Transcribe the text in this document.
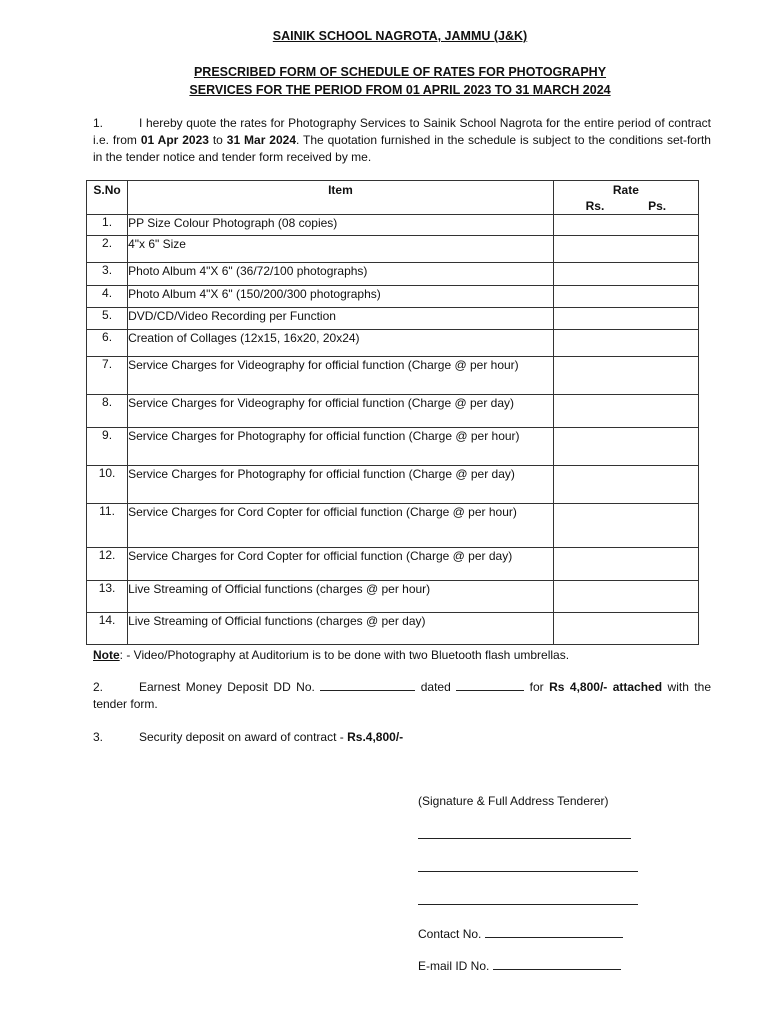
SAINIK SCHOOL NAGROTA, JAMMU (J&K)
PRESCRIBED FORM OF SCHEDULE OF RATES FOR PHOTOGRAPHY
SERVICES FOR THE PERIOD FROM 01 APRIL 2023 TO 31 MARCH 2024
1.	I hereby quote the rates for Photography Services to Sainik School Nagrota for the entire period of contract i.e. from 01 Apr 2023 to 31 Mar 2024. The quotation furnished in the schedule is subject to the conditions set-forth in the tender notice and tender form received by me.
S.No	Item	Rate
Rs. Ps.

1.	PP Size Colour Photograph (08 copies)	
2.	4"x 6" Size	
3.	Photo Album 4"X 6" (36/72/100 photographs)	
4.	Photo Album 4"X 6" (150/200/300 photographs)	
5.	DVD/CD/Video Recording per Function	
6.	Creation of Collages (12x15, 16x20, 20x24)	
7.	Service Charges for Videography for official function (Charge @ per hour)	
8.	Service Charges for Videography for official function (Charge @ per day)	
9.	Service Charges for Photography for official function (Charge @ per hour)	
10.	Service Charges for Photography for official function (Charge @ per day)	
11.	Service Charges for Cord Copter for official function (Charge @ per hour)	
12.	Service Charges for Cord Copter for official function (Charge @ per day)	
13.	Live Streaming of Official functions (charges @ per hour)	
14.	Live Streaming of Official functions (charges @ per day)	
Note: - Video/Photography at Auditorium is to be done with two Bluetooth flash umbrellas.
2.	Earnest Money Deposit DD No.	dated	for Rs 4,800/- attached with the tender form.
3.	Security deposit on award of contract - Rs.4,800/-
(Signature & Full Address Tenderer)
Contact No.
E-mail ID No.
